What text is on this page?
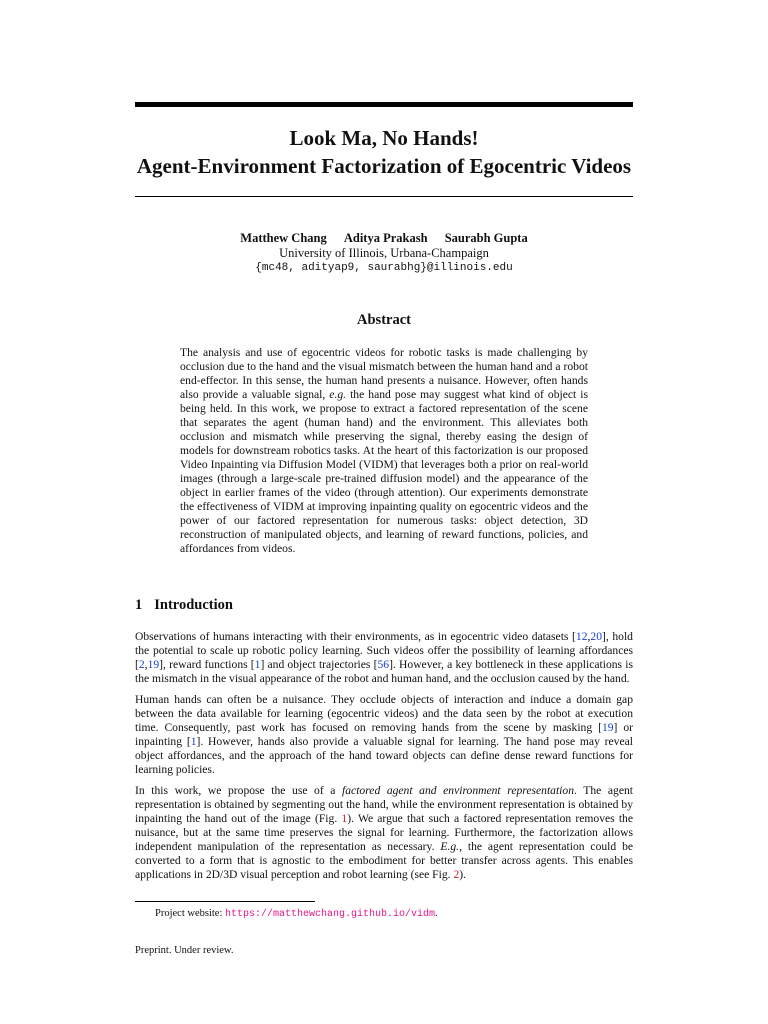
Look Ma, No Hands!
Agent-Environment Factorization of Egocentric Videos
Matthew Chang Aditya Prakash Saurabh Gupta
University of Illinois, Urbana-Champaign
{mc48, adityap9, saurabhg}@illinois.edu
Abstract
The analysis and use of egocentric videos for robotic tasks is made challenging by occlusion due to the hand and the visual mismatch between the human hand and a robot end-effector. In this sense, the human hand presents a nuisance. However, often hands also provide a valuable signal, e.g. the hand pose may suggest what kind of object is being held. In this work, we propose to extract a factored representation of the scene that separates the agent (human hand) and the environment. This alleviates both occlusion and mismatch while preserving the signal, thereby easing the design of models for downstream robotics tasks. At the heart of this factorization is our proposed Video Inpainting via Diffusion Model (VIDM) that leverages both a prior on real-world images (through a large-scale pre-trained diffusion model) and the appearance of the object in earlier frames of the video (through attention). Our experiments demonstrate the effectiveness of VIDM at improving inpainting quality on egocentric videos and the power of our factored representation for numerous tasks: object detection, 3D reconstruction of manipulated objects, and learning of reward functions, policies, and affordances from videos.
1 Introduction

Observations of humans interacting with their environments, as in egocentric video datasets [12,20], hold the potential to scale up robotic policy learning. Such videos offer the possibility of learning affordances [2,19], reward functions [1] and object trajectories [56]. However, a key bottleneck in these applications is the mismatch in the visual appearance of the robot and human hand, and the occlusion caused by the hand.

Human hands can often be a nuisance. They occlude objects of interaction and induce a domain gap between the data available for learning (egocentric videos) and the data seen by the robot at execution time. Consequently, past work has focused on removing hands from the scene by masking [19] or inpainting [1]. However, hands also provide a valuable signal for learning. The hand pose may reveal object affordances, and the approach of the hand toward objects can define dense reward functions for learning policies.

In this work, we propose the use of a factored agent and environment representation. The agent representation is obtained by segmenting out the hand, while the environment representation is obtained by inpainting the hand out of the image (Fig. 1). We argue that such a factored representation removes the nuisance, but at the same time preserves the signal for learning. Furthermore, the factorization allows independent manipulation of the representation as necessary. E.g., the agent representation could be converted to a form that is agnostic to the embodiment for better transfer across agents. This enables applications in 2D/3D visual perception and robot learning (see Fig. 2).

Project website: https://matthewchang.github.io/vidm.
Preprint. Under review.
